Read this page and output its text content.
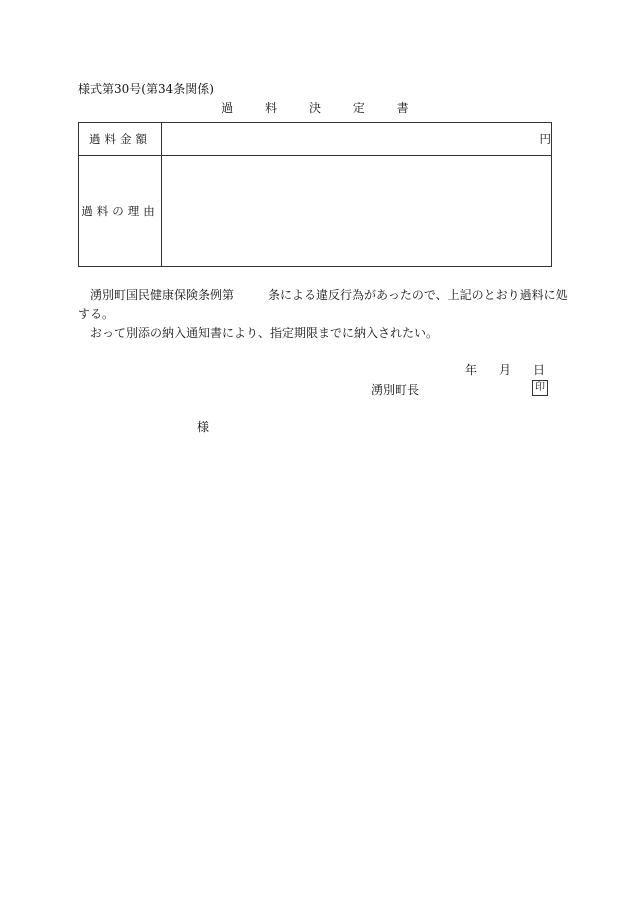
様式第30号(第34条関係)
過	料	決	定	書
過料金額	円
過料の理由	
湧別町国民健康保険条例第	条による違反行為があったので、上記のとおり過料に処
する。
おって別添の納入通知書により、指定期限までに納入されたい。
年 月 日
湧別町長	印
様
